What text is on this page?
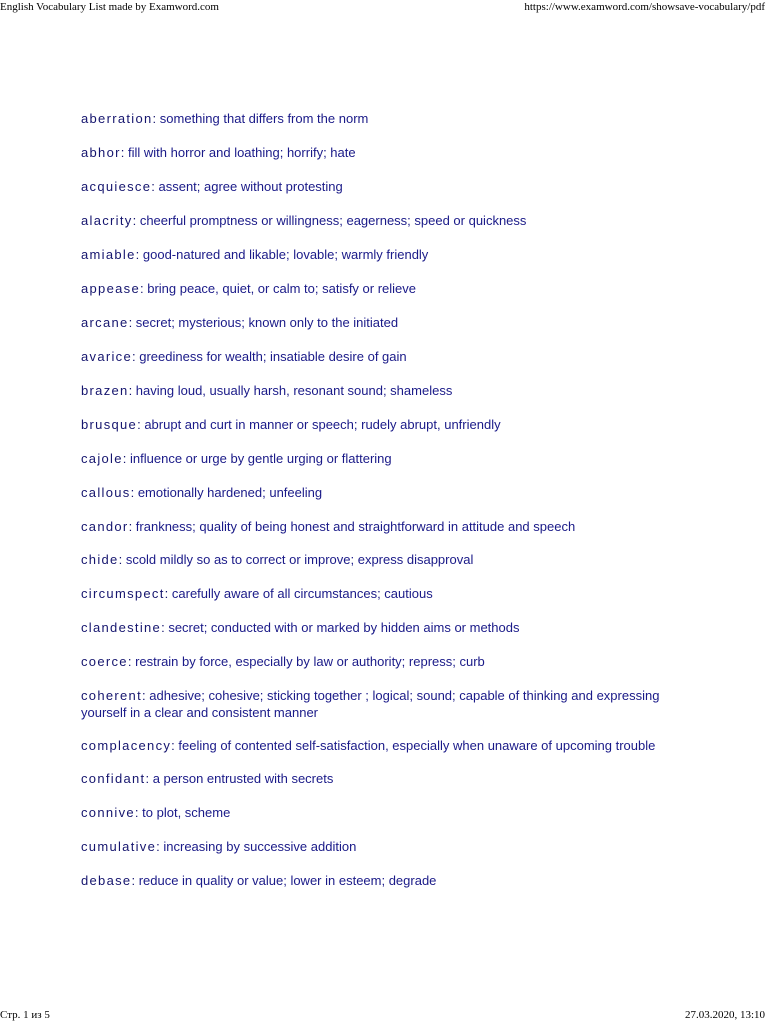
English Vocabulary List made by Examword.com	https://www.examword.com/showsave-vocabulary/pdf
aberration: something that differs from the norm
abhor: fill with horror and loathing; horrify; hate
acquiesce: assent; agree without protesting
alacrity: cheerful promptness or willingness; eagerness; speed or quickness
amiable: good-natured and likable; lovable; warmly friendly
appease: bring peace, quiet, or calm to; satisfy or relieve
arcane: secret; mysterious; known only to the initiated
avarice: greediness for wealth; insatiable desire of gain
brazen: having loud, usually harsh, resonant sound; shameless
brusque: abrupt and curt in manner or speech; rudely abrupt, unfriendly
cajole: influence or urge by gentle urging or flattering
callous: emotionally hardened; unfeeling
candor: frankness; quality of being honest and straightforward in attitude and speech
chide: scold mildly so as to correct or improve; express disapproval
circumspect: carefully aware of all circumstances; cautious
clandestine: secret; conducted with or marked by hidden aims or methods
coerce: restrain by force, especially by law or authority; repress; curb
coherent: adhesive; cohesive; sticking together ; logical; sound; capable of thinking and expressing yourself in a clear and consistent manner
complacency: feeling of contented self-satisfaction, especially when unaware of upcoming trouble
confidant: a person entrusted with secrets
connive: to plot, scheme
cumulative: increasing by successive addition
debase: reduce in quality or value; lower in esteem; degrade
Стр. 1 из 5	27.03.2020, 13:10
